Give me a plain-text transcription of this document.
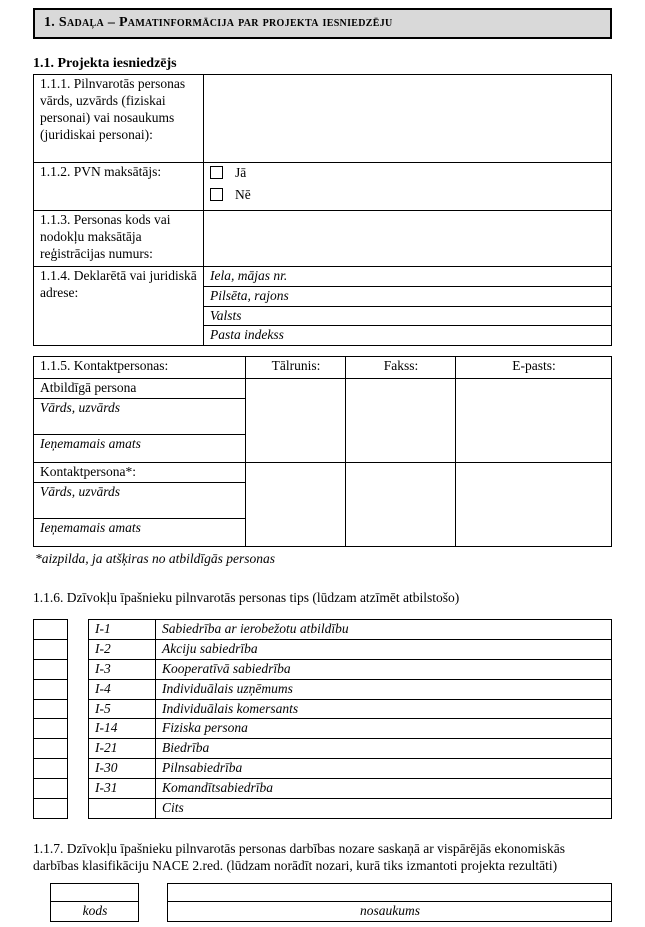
1. Sadaļa – Pamatinformācija par projekta iesniedzēju
1.1. Projekta iesniedzējs
1.1.1. Pilnvarotās personas vārds, uzvārds (fiziskai personai) vai nosaukums (juridiskai personai):	
1.1.2. PVN maksātājs:	Jā
Nē

1.1.3. Personas kods vai nodokļu maksātāja reģistrācijas numurs:	
1.1.4. Deklarētā vai juridiskā adrese:	Iela, mājas nr.
	Pilsēta, rajons
	Valsts
	Pasta indekss
1.1.5. Kontaktpersonas:	Tālrunis:	Fakss:	E-pasts:
Atbildīgā persona			
Vārds, uzvārds			
Ieņemamais amats			
Kontaktpersona*:			
Vārds, uzvārds			
Ieņemamais amats			
*aizpilda, ja atšķiras no atbildīgās personas
1.1.6. Dzīvokļu īpašnieku pilnvarotās personas tips (lūdzam atzīmēt atbilstošo)

I-1	Sabiedrība ar ierobežotu atbildību
I-2	Akciju sabiedrība
I-3	Kooperatīvā sabiedrība
I-4	Individuālais uzņēmums
I-5	Individuālais komersants
I-14	Fiziska persona
I-21	Biedrība
I-30	Pilnsabiedrība
I-31	Komandītsabiedrība
	Cits
1.1.7. Dzīvokļu īpašnieku pilnvarotās personas darbības nozare saskaņā ar vispārējās ekonomiskās darbības klasifikāciju NACE 2.red. (lūdzam norādīt nozari, kurā tiks izmantoti projekta rezultāti)

kods	nosaukums
